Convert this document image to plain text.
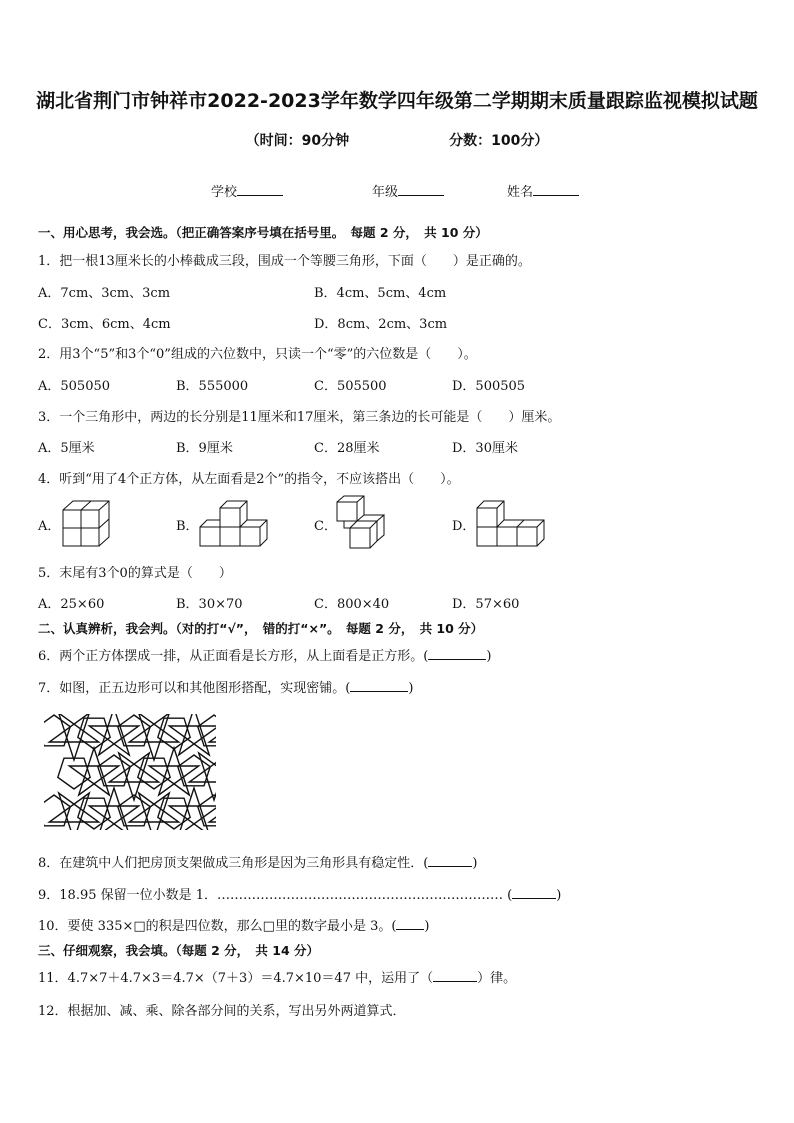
湖北省荆门市钟祥市2022-2023学年数学四年级第二学期期末质量跟踪监视模拟试题
（时间：90分钟	分数：100分）
学校	年级	姓名
一、用心思考，我会选。（把正确答案序号填在括号里。　每题 2 分，　共 10 分）
1．把一根13厘米长的小棒截成三段，围成一个等腰三角形，下面（　　）是正确的。
A．7cm、3cm、3cm	B．4cm、5cm、4cm
C．3cm、6cm、4cm	D．8cm、2cm、3cm
2．用3个“5”和3个“0”组成的六位数中，只读一个“零”的六位数是（　　）。
A．505050	B．555000	C．505500	D．500505
3．一个三角形中，两边的长分别是11厘米和17厘米，第三条边的长可能是（　　）厘米。
A．5厘米	B．9厘米	C．28厘米	D．30厘米
4．听到“用了4个正方体，从左面看是2个”的指令，不应该搭出（　　）。
A．	B．	C．	D．
5．末尾有3个0的算式是（　　）
A．25×60	B．30×70	C．800×40	D．57×60
二、认真辨析，我会判。（对的打“√”，　错的打“×”。　每题 2 分，　共 10 分）
6．两个正方体摆成一排，从正面看是长方形，从上面看是正方形。(	)
7．如图，正五边形可以和其他图形搭配，实现密铺。(	)
8．在建筑中人们把房顶支架做成三角形是因为三角形具有稳定性．(	)
9．18.95 保留一位小数是 1．………………………………………………………… (	)
10．要使 335×□的积是四位数，那么□里的数字最小是 3。( )
三、仔细观察，我会填。（每题 2 分，　共 14 分）
11．4.7×7＋4.7×3＝4.7×（7＋3）＝4.7×10＝47 中，运用了（	）律。
12．根据加、减、乘、除各部分间的关系，写出另外两道算式．
